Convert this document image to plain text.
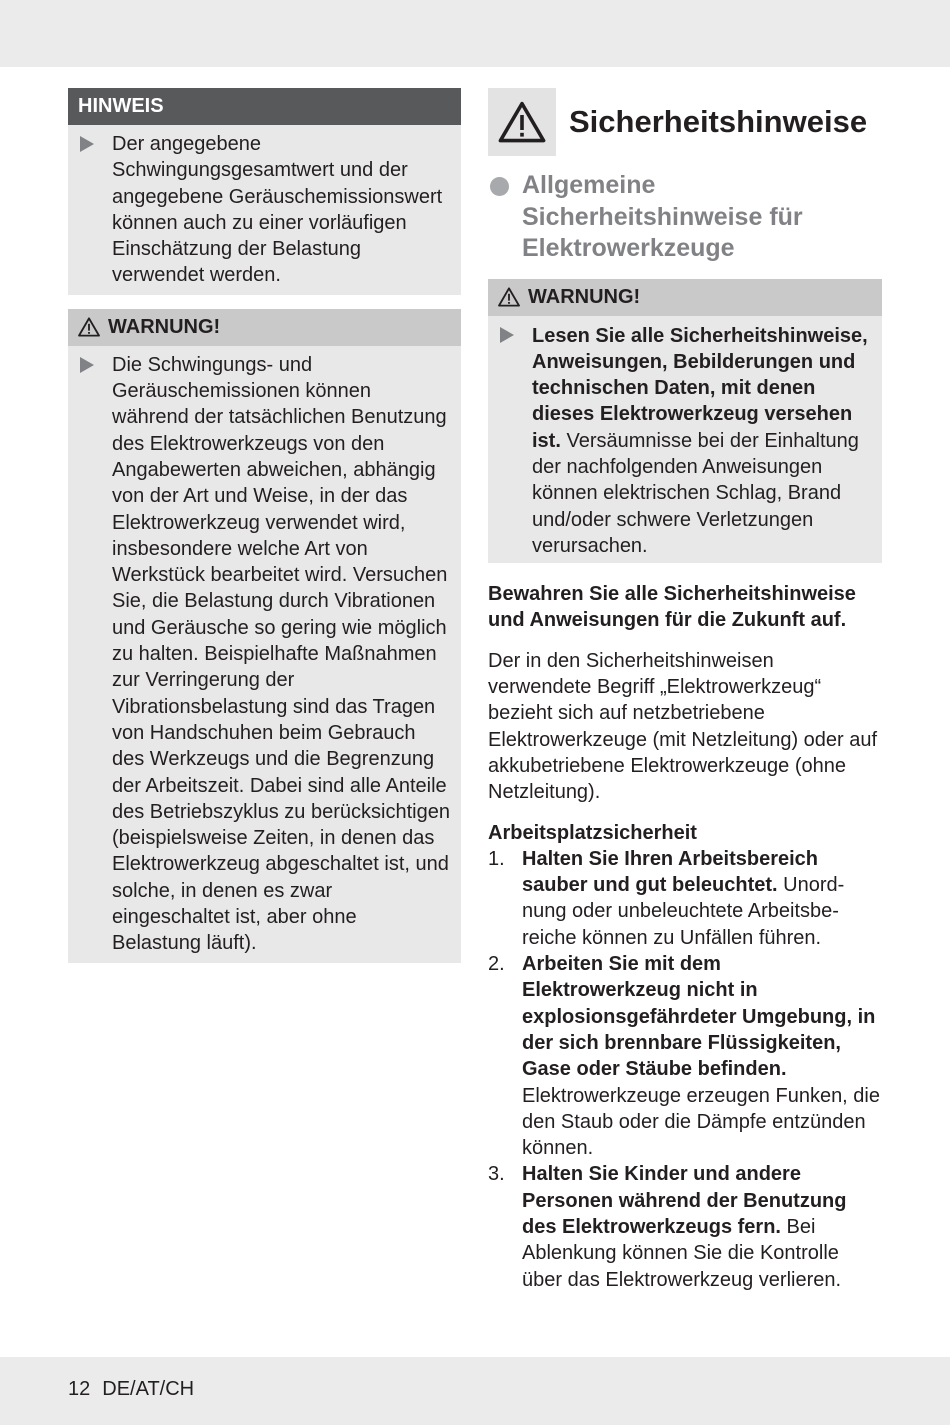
HINWEIS

Der angegebene Schwingungsgesamtwert und der angegebene Geräuschemissionswert können auch zu einer vorläufigen Einschätzung der Belastung verwendet werden.

WARNUNG!

Die Schwingungs- und Geräuschemissionen können während der tatsächlichen Benutzung des Elektrowerkzeugs von den Angabewerten abweichen, abhängig von der Art und Weise, in der das Elektrowerkzeug verwendet wird, insbesondere welche Art von Werkstück bearbeitet wird. Versuchen Sie, die Belastung durch Vibrationen und Geräusche so gering wie möglich zu halten. Beispielhafte Maßnahmen zur Verringerung der Vibrationsbelastung sind das Tragen von Handschuhen beim Gebrauch des Werkzeugs und die Begrenzung der Arbeitszeit. Dabei sind alle Anteile des Betriebszyklus zu berücksichtigen (beispielsweise Zeiten, in denen das Elektrowerkzeug abgeschaltet ist, und solche, in denen es zwar eingeschaltet ist, aber ohne Belastung läuft).

Sicherheitshinweise
Allgemeine Sicherheitshinweise für Elektrowerkzeuge
WARNUNG!

Lesen Sie alle Sicherheitshinweise, Anweisungen, Bebilderungen und technischen Daten, mit denen dieses Elektrowerkzeug versehen ist. Versäumnisse bei der Einhaltung der nachfolgenden Anweisungen können elektrischen Schlag, Brand und/oder schwere Verletzungen verursachen.

Bewahren Sie alle Sicherheitshinweise und Anweisungen für die Zukunft auf.

Der in den Sicherheitshinweisen verwendete Begriff „Elektrowerkzeug“ bezieht sich auf netzbetriebene Elektrowerkzeuge (mit Netzleitung) oder auf akkubetriebene Elektrowerkzeuge (ohne Netzleitung).

Arbeitsplatzsicherheit

1. Halten Sie Ihren Arbeitsbereich sauber und gut beleuchtet. Unord-nung oder unbeleuchtete Arbeitsbe-reiche können zu Unfällen führen.
2. Arbeiten Sie mit dem Elektrowerkzeug nicht in explosionsgefährdeter Umgebung, in der sich brennbare Flüssigkeiten, Gase oder Stäube befinden. Elektrowerkzeuge erzeugen Funken, die den Staub oder die Dämpfe entzünden können.
3. Halten Sie Kinder und andere Personen während der Benutzung des Elektrowerkzeugs fern. Bei Ablenkung können Sie die Kontrolle über das Elektrowerkzeug verlieren.
12 DE/AT/CH
